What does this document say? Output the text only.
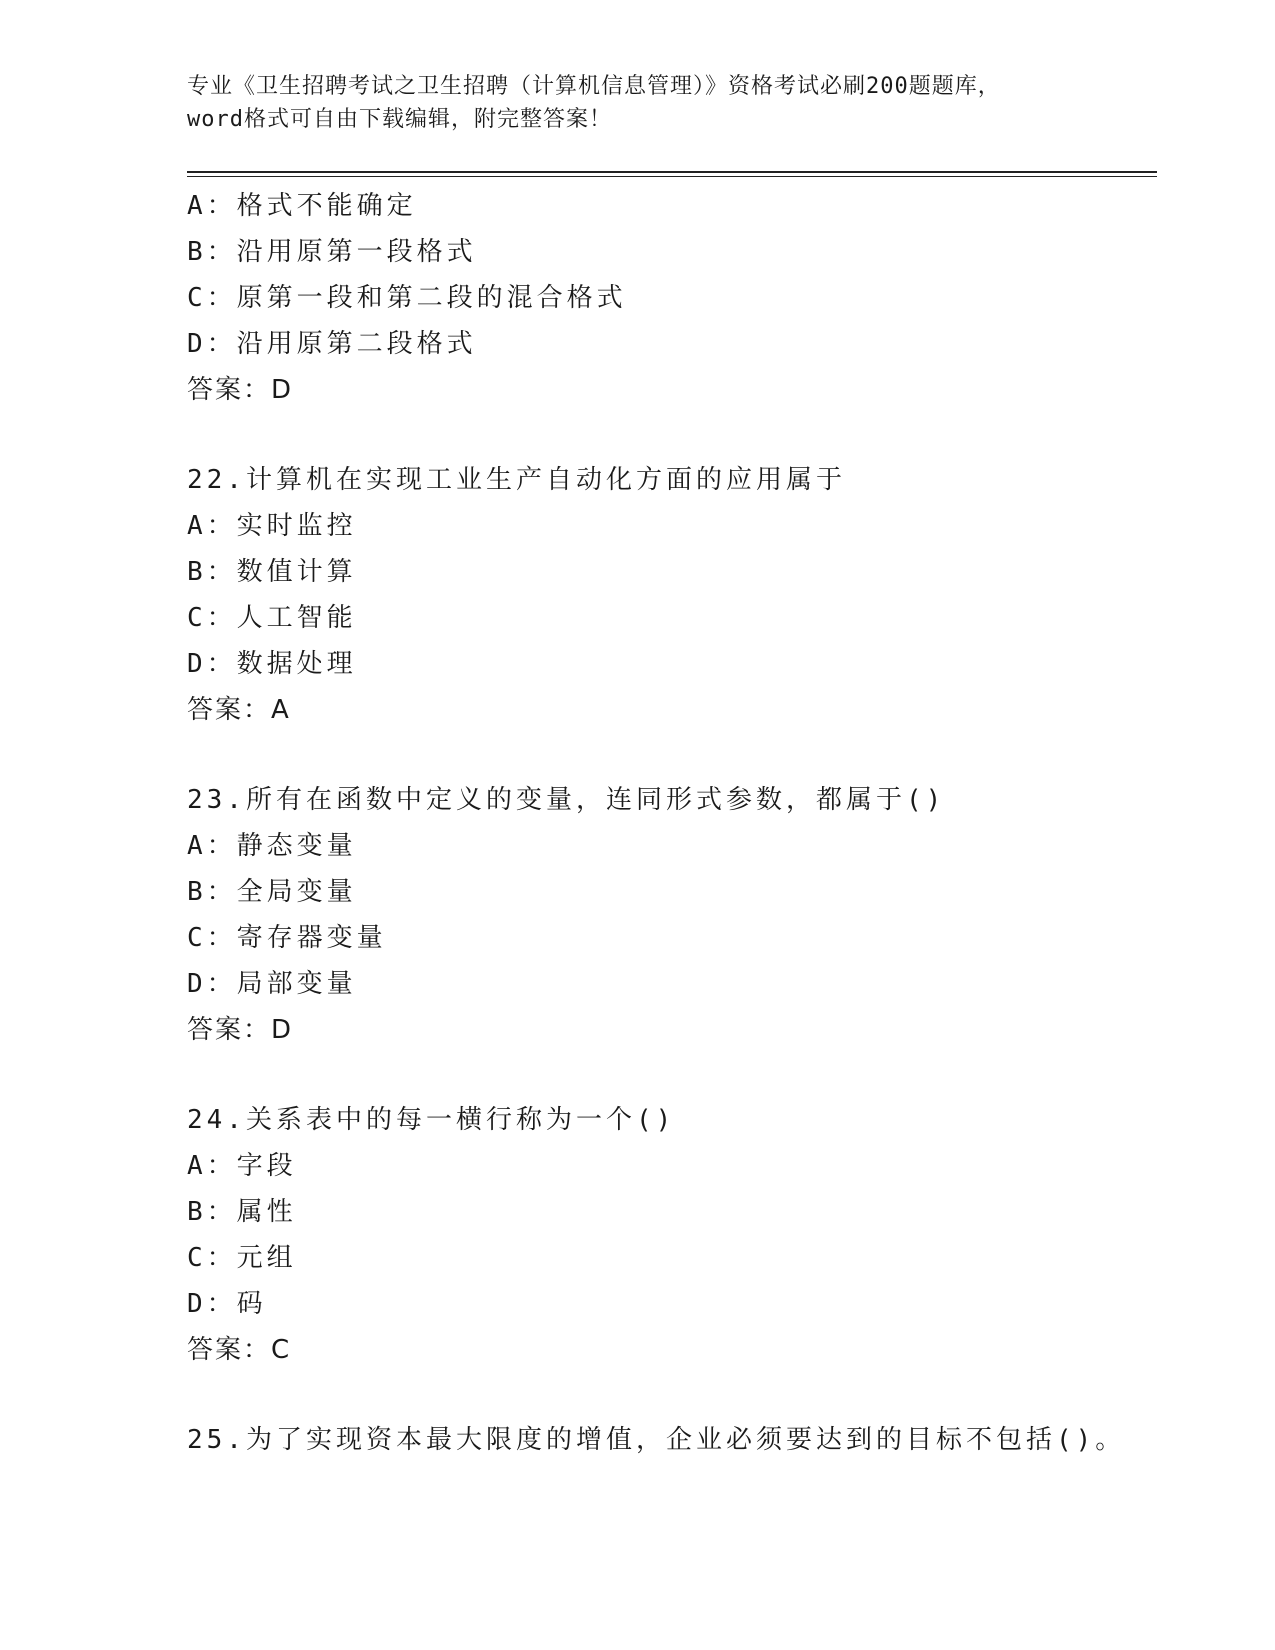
专业《卫生招聘考试之卫生招聘（计算机信息管理）》资格考试必刷200题题库，
word格式可自由下载编辑，附完整答案！
A：格式不能确定
B：沿用原第一段格式
C：原第一段和第二段的混合格式
D：沿用原第二段格式
答案：D
22.计算机在实现工业生产自动化方面的应用属于
A：实时监控
B：数值计算
C：人工智能
D：数据处理
答案：A
23.所有在函数中定义的变量，连同形式参数，都属于()
A：静态变量
B：全局变量
C：寄存器变量
D：局部变量
答案：D
24.关系表中的每一横行称为一个()
A：字段
B：属性
C：元组
D：码
答案：C
25.为了实现资本最大限度的增值，企业必须要达到的目标不包括()。
